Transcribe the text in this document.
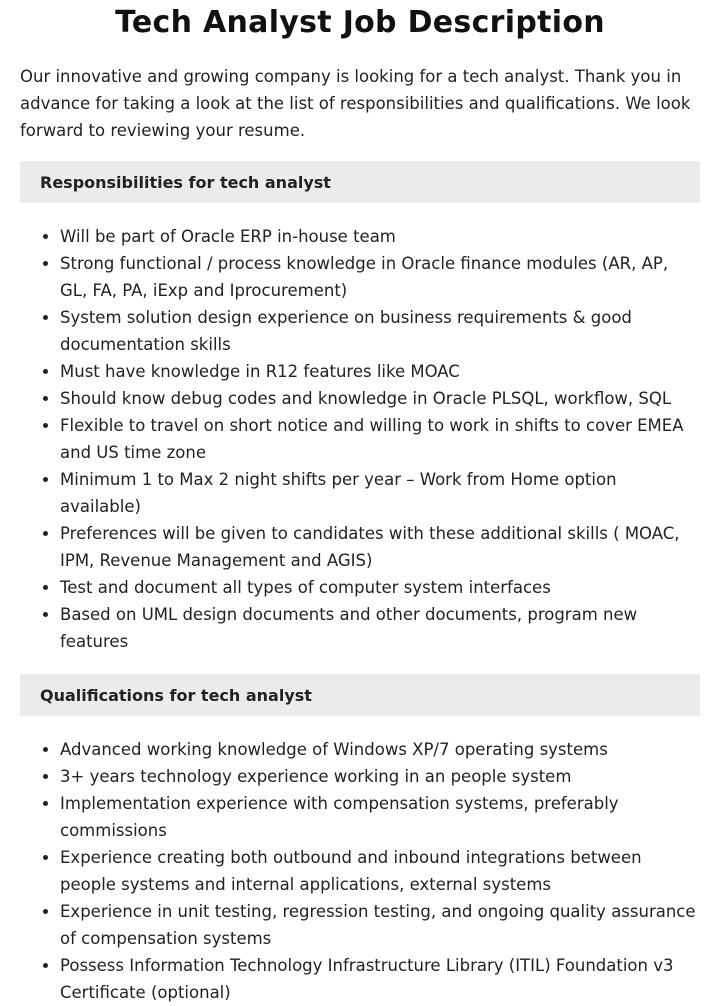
Tech Analyst Job Description

Our innovative and growing company is looking for a tech analyst. Thank you in advance for taking a look at the list of responsibilities and qualifications. We look forward to reviewing your resume.

Responsibilities for tech analyst
• Will be part of Oracle ERP in-house team
• Strong functional / process knowledge in Oracle finance modules (AR, AP, GL, FA, PA, iExp and Iprocurement)
• System solution design experience on business requirements & good documentation skills
• Must have knowledge in R12 features like MOAC
• Should know debug codes and knowledge in Oracle PLSQL, workflow, SQL
• Flexible to travel on short notice and willing to work in shifts to cover EMEA and US time zone
• Minimum 1 to Max 2 night shifts per year – Work from Home option available)
• Preferences will be given to candidates with these additional skills ( MOAC, IPM, Revenue Management and AGIS)
• Test and document all types of computer system interfaces
• Based on UML design documents and other documents, program new features
Qualifications for tech analyst
• Advanced working knowledge of Windows XP/7 operating systems
• 3+ years technology experience working in an people system
• Implementation experience with compensation systems, preferably commissions
• Experience creating both outbound and inbound integrations between people systems and internal applications, external systems
• Experience in unit testing, regression testing, and ongoing quality assurance of compensation systems
• Possess Information Technology Infrastructure Library (ITIL) Foundation v3 Certificate (optional)
